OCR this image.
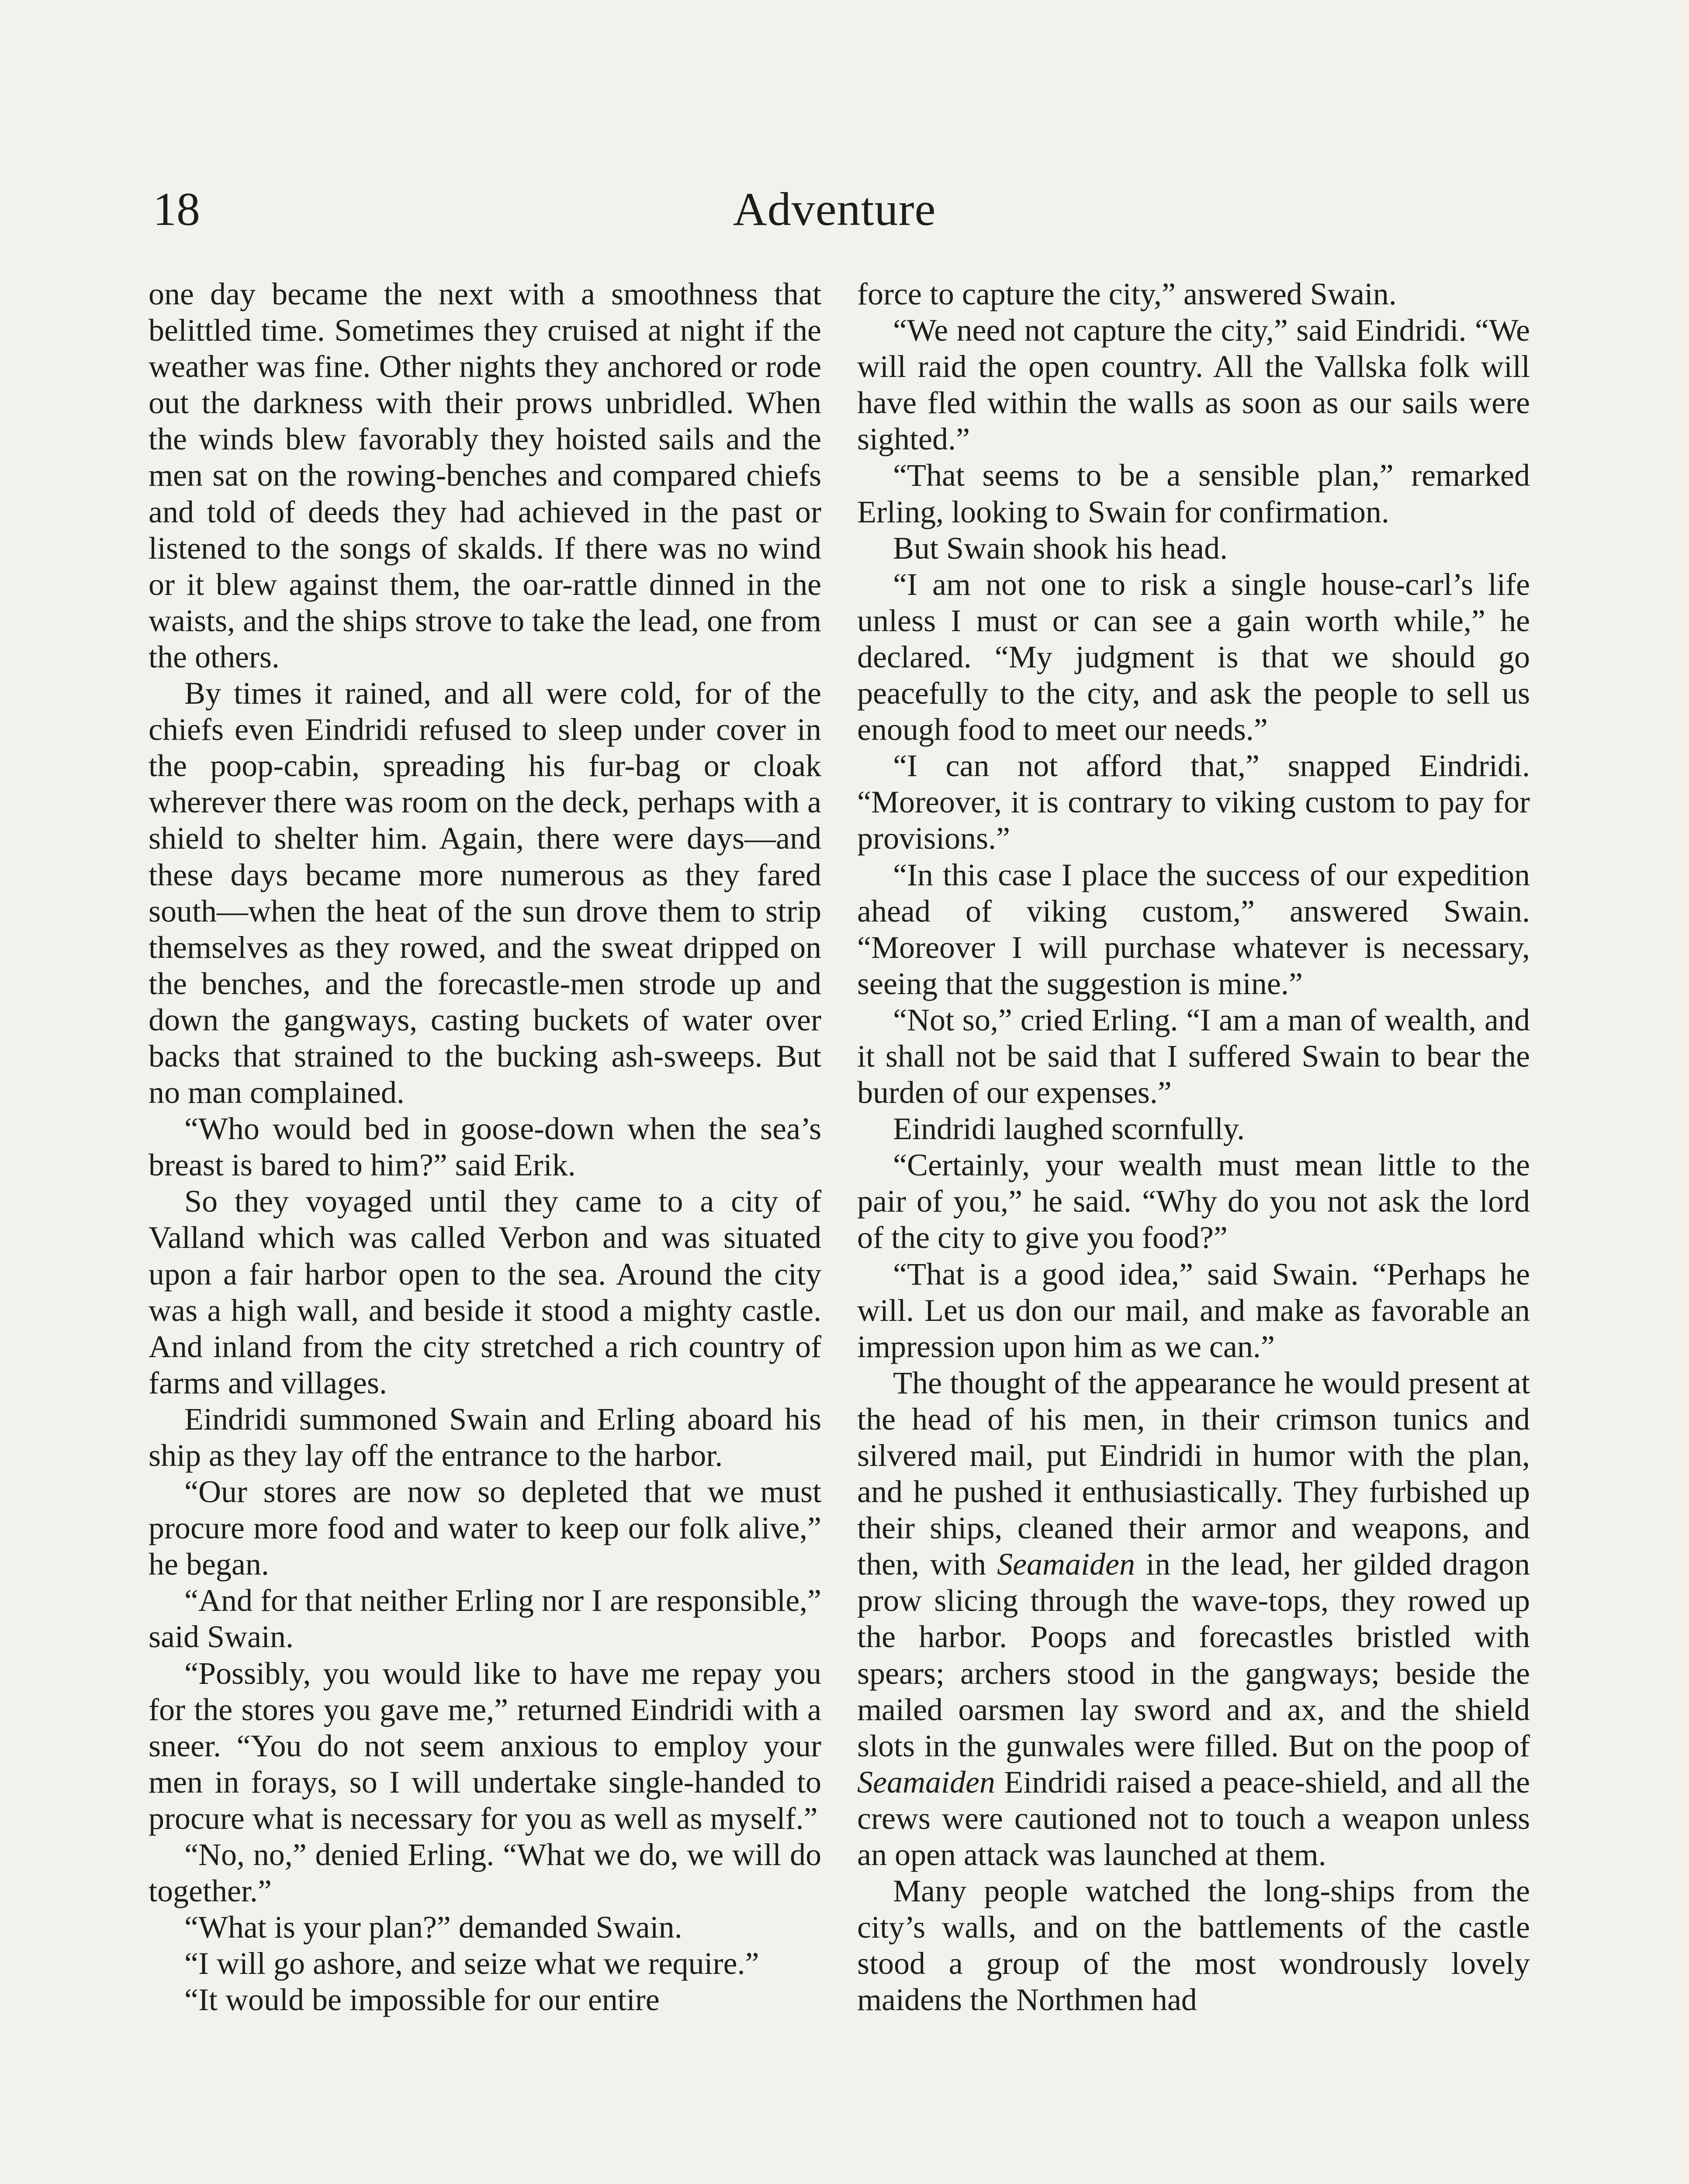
18	Adventure

one day became the next with a smoothness that belittled time. Sometimes they cruised at night if the weather was fine. Other nights they anchored or rode out the darkness with their prows unbridled. When the winds blew favorably they hoisted sails and the men sat on the rowing-benches and compared chiefs and told of deeds they had achieved in the past or listened to the songs of skalds. If there was no wind or it blew against them, the oar-rattle dinned in the waists, and the ships strove to take the lead, one from the others.

By times it rained, and all were cold, for of the chiefs even Eindridi refused to sleep under cover in the poop-cabin, spreading his fur-bag or cloak wherever there was room on the deck, perhaps with a shield to shelter him. Again, there were days—and these days became more numerous as they fared south—when the heat of the sun drove them to strip themselves as they rowed, and the sweat dripped on the benches, and the forecastle-men strode up and down the gangways, casting buckets of water over backs that strained to the bucking ash-sweeps. But no man complained.

“Who would bed in goose-down when the sea’s breast is bared to him?” said Erik.

So they voyaged until they came to a city of Valland which was called Verbon and was situated upon a fair harbor open to the sea. Around the city was a high wall, and beside it stood a mighty castle. And inland from the city stretched a rich country of farms and villages.

Eindridi summoned Swain and Erling aboard his ship as they lay off the entrance to the harbor.

“Our stores are now so depleted that we must procure more food and water to keep our folk alive,” he began.

“And for that neither Erling nor I are responsible,” said Swain.

“Possibly, you would like to have me repay you for the stores you gave me,” returned Eindridi with a sneer. “You do not seem anxious to employ your men in forays, so I will undertake single-handed to procure what is necessary for you as well as myself.”

“No, no,” denied Erling. “What we do, we will do together.”

“What is your plan?” demanded Swain.

“I will go ashore, and seize what we require.”

“It would be impossible for our entire

force to capture the city,” answered Swain.

“We need not capture the city,” said Eindridi. “We will raid the open country. All the Vallska folk will have fled within the walls as soon as our sails were sighted.”

“That seems to be a sensible plan,” remarked Erling, looking to Swain for confirmation.

But Swain shook his head.

“I am not one to risk a single house-carl’s life unless I must or can see a gain worth while,” he declared. “My judgment is that we should go peacefully to the city, and ask the people to sell us enough food to meet our needs.”

“I can not afford that,” snapped Eindridi. “Moreover, it is contrary to viking custom to pay for provisions.”

“In this case I place the success of our expedition ahead of viking custom,” answered Swain. “Moreover I will purchase whatever is necessary, seeing that the suggestion is mine.”

“Not so,” cried Erling. “I am a man of wealth, and it shall not be said that I suffered Swain to bear the burden of our expenses.”

Eindridi laughed scornfully.

“Certainly, your wealth must mean little to the pair of you,” he said. “Why do you not ask the lord of the city to give you food?”

“That is a good idea,” said Swain. “Perhaps he will. Let us don our mail, and make as favorable an impression upon him as we can.”

The thought of the appearance he would present at the head of his men, in their crimson tunics and silvered mail, put Eindridi in humor with the plan, and he pushed it enthusiastically. They furbished up their ships, cleaned their armor and weapons, and then, with Seamaiden in the lead, her gilded dragon prow slicing through the wave-tops, they rowed up the harbor. Poops and forecastles bristled with spears; archers stood in the gangways; beside the mailed oarsmen lay sword and ax, and the shield slots in the gunwales were filled. But on the poop of Seamaiden Eindridi raised a peace-shield, and all the crews were cautioned not to touch a weapon unless an open attack was launched at them.

Many people watched the long-ships from the city’s walls, and on the battlements of the castle stood a group of the most wondrously lovely maidens the Northmen had
